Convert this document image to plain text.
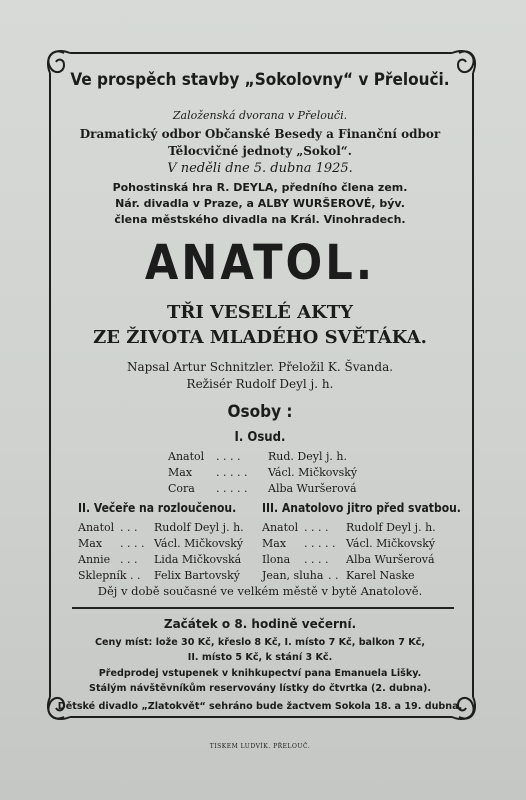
Ve prospěch stavby „Sokolovny“ v Přelouči.
Založenská dvorana v Přelouči.
Dramatický odbor Občanské Besedy a Finanční odbor
Tělocvičné jednoty „Sokol“.
V neděli dne 5. dubna 1925.
Pohostinská hra R. DEYLA, předního člena zem.
Nár. divadla v Praze, a ALBY WURŠEROVÉ, býv.
člena městského divadla na Král. Vinohradech.
ANATOL.
TŘI VESELÉ AKTY
ZE ŽIVOTA MLADÉHO SVĚTÁKA.
Napsal Artur Schnitzler. Přeložil K. Švanda.
Režisér Rudolf Deyl j. h.
Osoby :
I. Osud.
Anatol . . . .	Rud. Deyl j. h.
Max . . . . . Václ. Mičkovský
Cora . . . . . Alba Wuršerová
II. Večeře na rozloučenou. III. Anatolovo jitro před svatbou.
Anatol . . . Rudolf Deyl j. h.
Max . . . . Václ. Mičkovský
Annie . . . Lida Mičkovská
Sklepník . . Felix Bartovský
Anatol . . . . Rudolf Deyl j. h.
Max . . . . . Václ. Mičkovský
Ilona . . . . Alba Wuršerová
Jean, sluha . . Karel Naske
Děj v době současné ve velkém městě v bytě Anatolově.
Začátek o 8. hodině večerní.
Ceny míst: lože 30 Kč, křeslo 8 Kč, I. místo 7 Kč, balkon 7 Kč,
II. místo 5 Kč, k stání 3 Kč.
Předprodej vstupenek v knihkupectví pana Emanuela Lišky.
Stálým návštěvníkům reservovány lístky do čtvrtka (2. dubna).
Dětské divadlo „Zlatokvět“ sehráno bude žactvem Sokola 18. a 19. dubna.
TISKEM LUDVÍK. PŘELOUČ.
